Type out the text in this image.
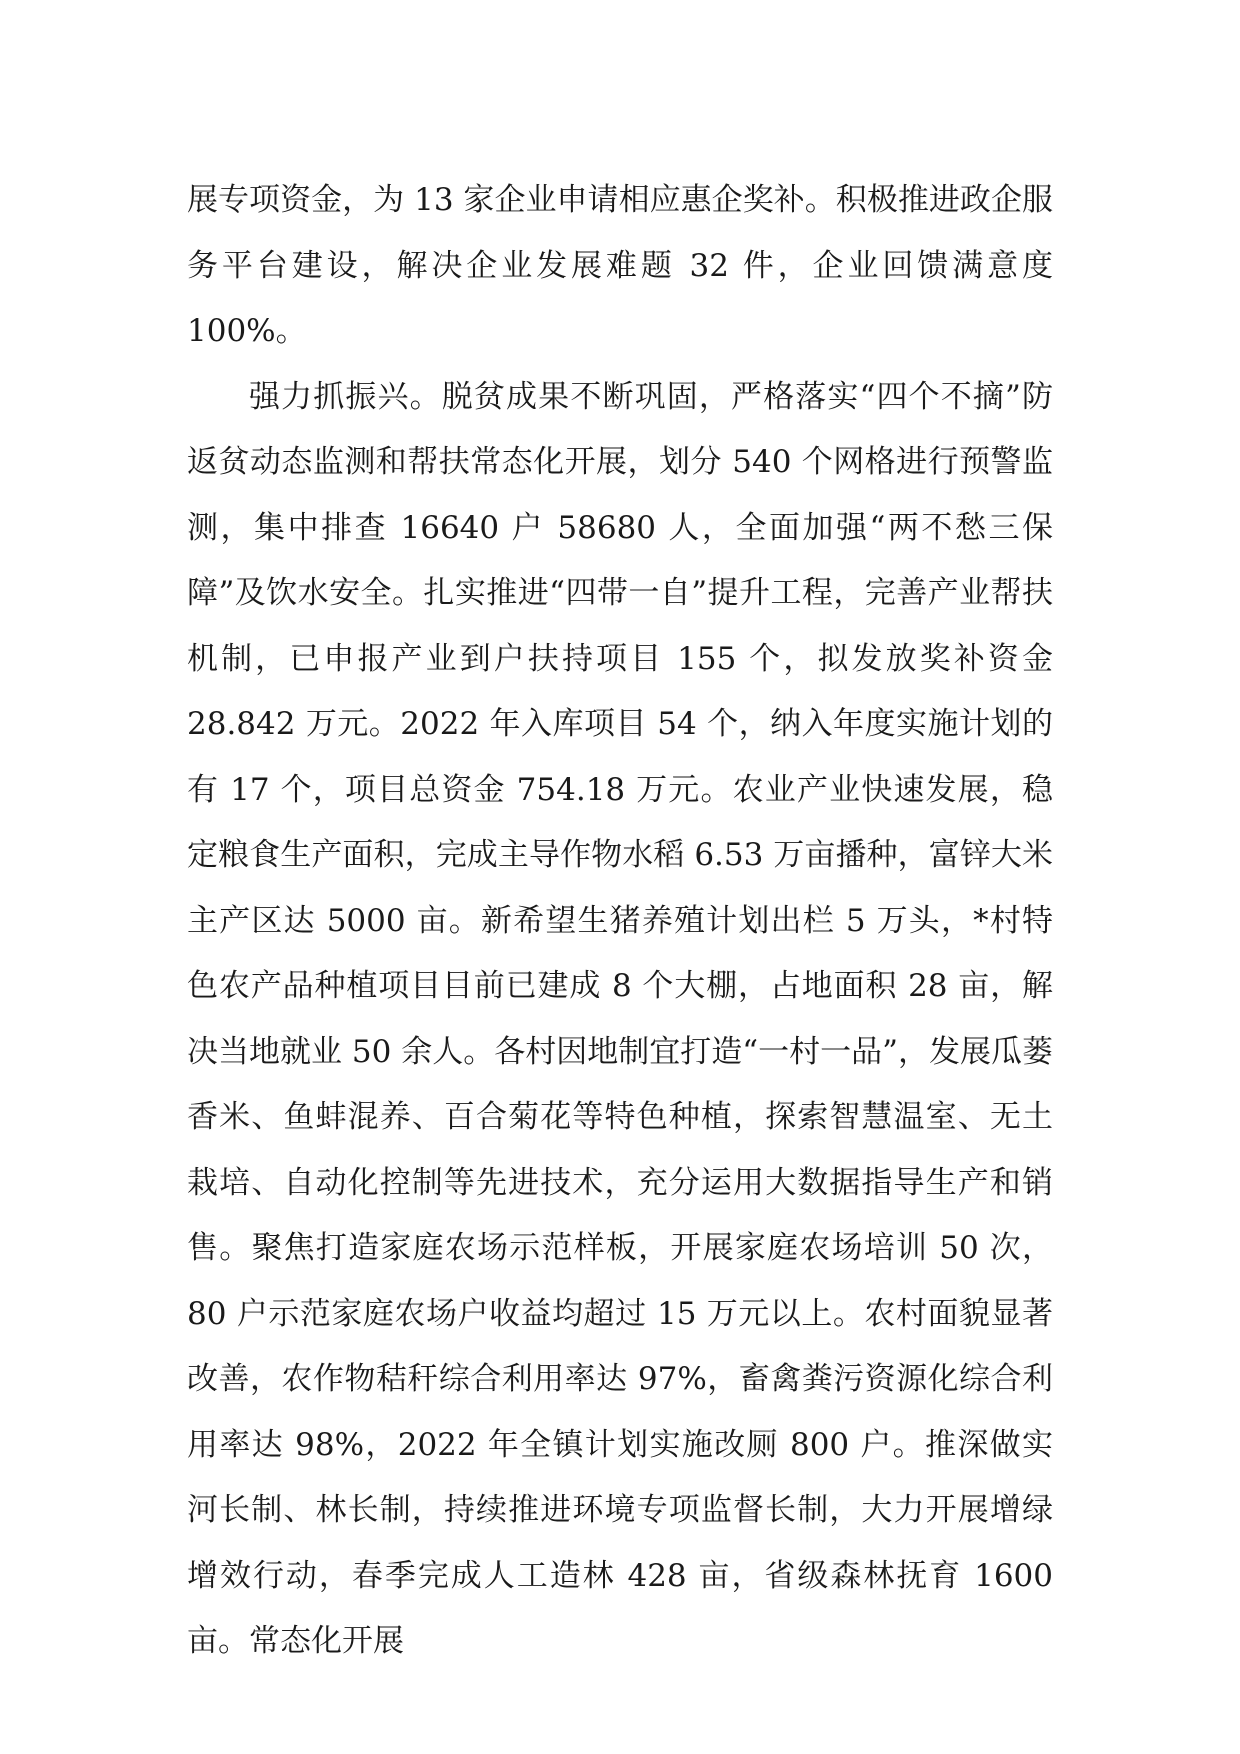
展专项资金，为 13 家企业申请相应惠企奖补。积极推进政企服务平台建设，解决企业发展难题 32 件，企业回馈满意度 100%。

强力抓振兴。脱贫成果不断巩固，严格落实“四个不摘”防返贫动态监测和帮扶常态化开展，划分 540 个网格进行预警监测，集中排查 16640 户 58680 人，全面加强“两不愁三保障”及饮水安全。扎实推进“四带一自”提升工程，完善产业帮扶机制，已申报产业到户扶持项目 155 个，拟发放奖补资金 28.842 万元。2022 年入库项目 54 个，纳入年度实施计划的有 17 个，项目总资金 754.18 万元。农业产业快速发展，稳定粮食生产面积，完成主导作物水稻 6.53 万亩播种，富锌大米主产区达 5000 亩。新希望生猪养殖计划出栏 5 万头，*村特色农产品种植项目目前已建成 8 个大棚，占地面积 28 亩，解决当地就业 50 余人。各村因地制宜打造“一村一品”，发展瓜蒌香米、鱼蚌混养、百合菊花等特色种植，探索智慧温室、无土栽培、自动化控制等先进技术，充分运用大数据指导生产和销售。聚焦打造家庭农场示范样板，开展家庭农场培训 50 次，80 户示范家庭农场户收益均超过 15 万元以上。农村面貌显著改善，农作物秸秆综合利用率达 97%，畜禽粪污资源化综合利用率达 98%，2022 年全镇计划实施改厕 800 户。推深做实河长制、林长制，持续推进环境专项监督长制，大力开展增绿增效行动，春季完成人工造林 428 亩，省级森林抚育 1600 亩。常态化开展
